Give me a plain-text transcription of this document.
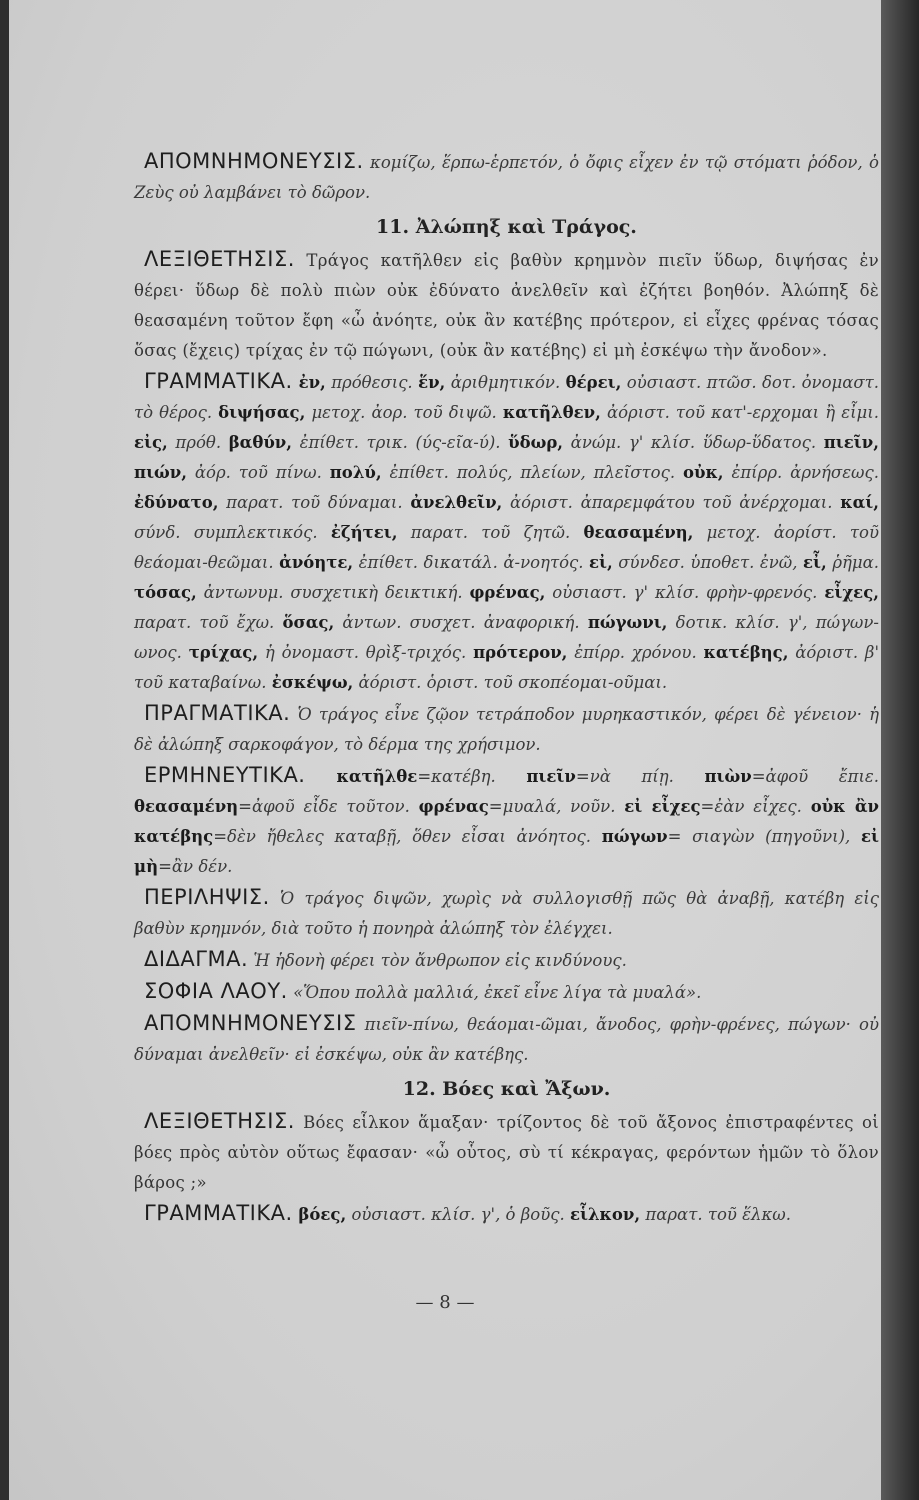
ΑΠΟΜΝΗΜΟΝΕΥΣΙΣ. κομίζω, ἕρπω-ἑρπετόν, ὁ ὄφις εἶχεν ἐν τῷ στόματι ῥόδον, ὁ Ζεὺς οὐ λαμβάνει τὸ δῶρον.

11. Ἀλώπηξ καὶ Τράγος.

ΛΕΞΙΘΕΤΗΣΙΣ. Τράγος κατῆλθεν εἰς βαθὺν κρημνὸν πιεῖν ὕδωρ, διψήσας ἐν θέρει· ὕδωρ δὲ πολὺ πιὼν οὐκ ἐδύνατο ἀνελθεῖν καὶ ἐζήτει βοηθόν. Ἀλώπηξ δὲ θεασαμένη τοῦτον ἔφη «ὦ ἀνόητε, οὐκ ἂν κατέβης πρότερον, εἰ εἶχες φρένας τόσας ὅσας (ἔχεις) τρίχας ἐν τῷ πώγωνι, (οὐκ ἂν κατέβης) εἰ μὴ ἐσκέψω τὴν ἄνοδον».

ΓΡΑΜΜΑΤΙΚΑ. ἐν, πρόθεσις. ἕν, ἀριθμητικόν. θέρει, οὐσιαστ. πτῶσ. δοτ. ὀνομαστ. τὸ θέρος. διψήσας, μετοχ. ἀορ. τοῦ διψῶ. κατῆλθεν, ἀόριστ. τοῦ κατ'-ερχομαι ἢ εἶμι. εἰς, πρόθ. βαθύν, ἐπίθετ. τρικ. (ύς-εῖα-ύ). ὕδωρ, ἀνώμ. γ' κλίσ. ὕδωρ-ὕδατος. πιεῖν, πιών, ἀόρ. τοῦ πίνω. πολύ, ἐπίθετ. πολύς, πλείων, πλεῖστος. οὐκ, ἐπίρρ. ἀρνήσεως. ἐδύνατο, παρατ. τοῦ δύναμαι. ἀνελθεῖν, ἀόριστ. ἀπαρεμφάτου τοῦ ἀνέρχομαι. καί, σύνδ. συμπλεκτικός. ἐζήτει, παρατ. τοῦ ζητῶ. θεασαμένη, μετοχ. ἀορίστ. τοῦ θεάομαι-θεῶμαι. ἀνόητε, ἐπίθετ. δικατάλ. ἀ-νοητός. εἰ, σύνδεσ. ὑποθετ. ἐνῶ, εἶ, ῥῆμα. τόσας, ἀντωνυμ. συσχετικὴ δεικτική. φρένας, οὐσιαστ. γ' κλίσ. φρὴν-φρενός. εἶχες, παρατ. τοῦ ἔχω. ὅσας, ἀντων. συσχετ. ἀναφορική. πώγωνι, δοτικ. κλίσ. γ', πώγων-ωνος. τρίχας, ἡ ὀνομαστ. θρὶξ-τριχός. πρότερον, ἐπίρρ. χρόνου. κατέβης, ἀόριστ. β' τοῦ καταβαίνω. ἐσκέψω, ἀόριστ. ὁριστ. τοῦ σκοπέομαι-οῦμαι.

ΠΡΑΓΜΑΤΙΚΑ. Ὁ τράγος εἶνε ζῷον τετράποδον μυρηκαστικόν, φέρει δὲ γένειον· ἡ δὲ ἀλώπηξ σαρκοφάγον, τὸ δέρμα της χρήσιμον.

ΕΡΜΗΝΕΥΤΙΚΑ. κατῆλθε=κατέβη. πιεῖν=νὰ πίῃ. πιὼν=ἀφοῦ ἔπιε. θεασαμένη=ἀφοῦ εἶδε τοῦτον. φρένας=μυαλά, νοῦν. εἰ εἶχες=ἐὰν εἶχες. οὐκ ἂν κατέβης=δὲν ἤθελες καταβῇ, ὅθεν εἶσαι ἀνόητος. πώγων= σιαγὼν (πηγοῦνι), εἰ μὴ=ἂν δέν.

ΠΕΡΙΛΗΨΙΣ. Ὁ τράγος διψῶν, χωρὶς νὰ συλλογισθῇ πῶς θὰ ἀναβῇ, κατέβη εἰς βαθὺν κρημνόν, διὰ τοῦτο ἡ πονηρὰ ἀλώπηξ τὸν ἐλέγχει.

ΔΙΔΑΓΜΑ. Ἡ ἡδονὴ φέρει τὸν ἄνθρωπον εἰς κινδύνους.

ΣΟΦΙΑ ΛΑΟΥ. «Ὅπου πολλὰ μαλλιά, ἐκεῖ εἶνε λίγα τὰ μυαλά».

ΑΠΟΜΝΗΜΟΝΕΥΣΙΣ πιεῖν-πίνω, θεάομαι-ῶμαι, ἄνοδος, φρὴν-φρένες, πώγων· οὐ δύναμαι ἀνελθεῖν· εἰ ἐσκέψω, οὐκ ἂν κατέβης.

12. Βόες καὶ Ἄξων.

ΛΕΞΙΘΕΤΗΣΙΣ. Βόες εἷλκον ἅμαξαν· τρίζοντος δὲ τοῦ ἄξονος ἐπιστραφέντες οἱ βόες πρὸς αὐτὸν οὕτως ἔφασαν· «ὦ οὗτος, σὺ τί κέκραγας, φερόντων ἡμῶν τὸ ὅλον βάρος ;»

ΓΡΑΜΜΑΤΙΚΑ. βόες, οὐσιαστ. κλίσ. γ', ὁ βοῦς. εἷλκον, παρατ. τοῦ ἕλκω.

— 8 —
